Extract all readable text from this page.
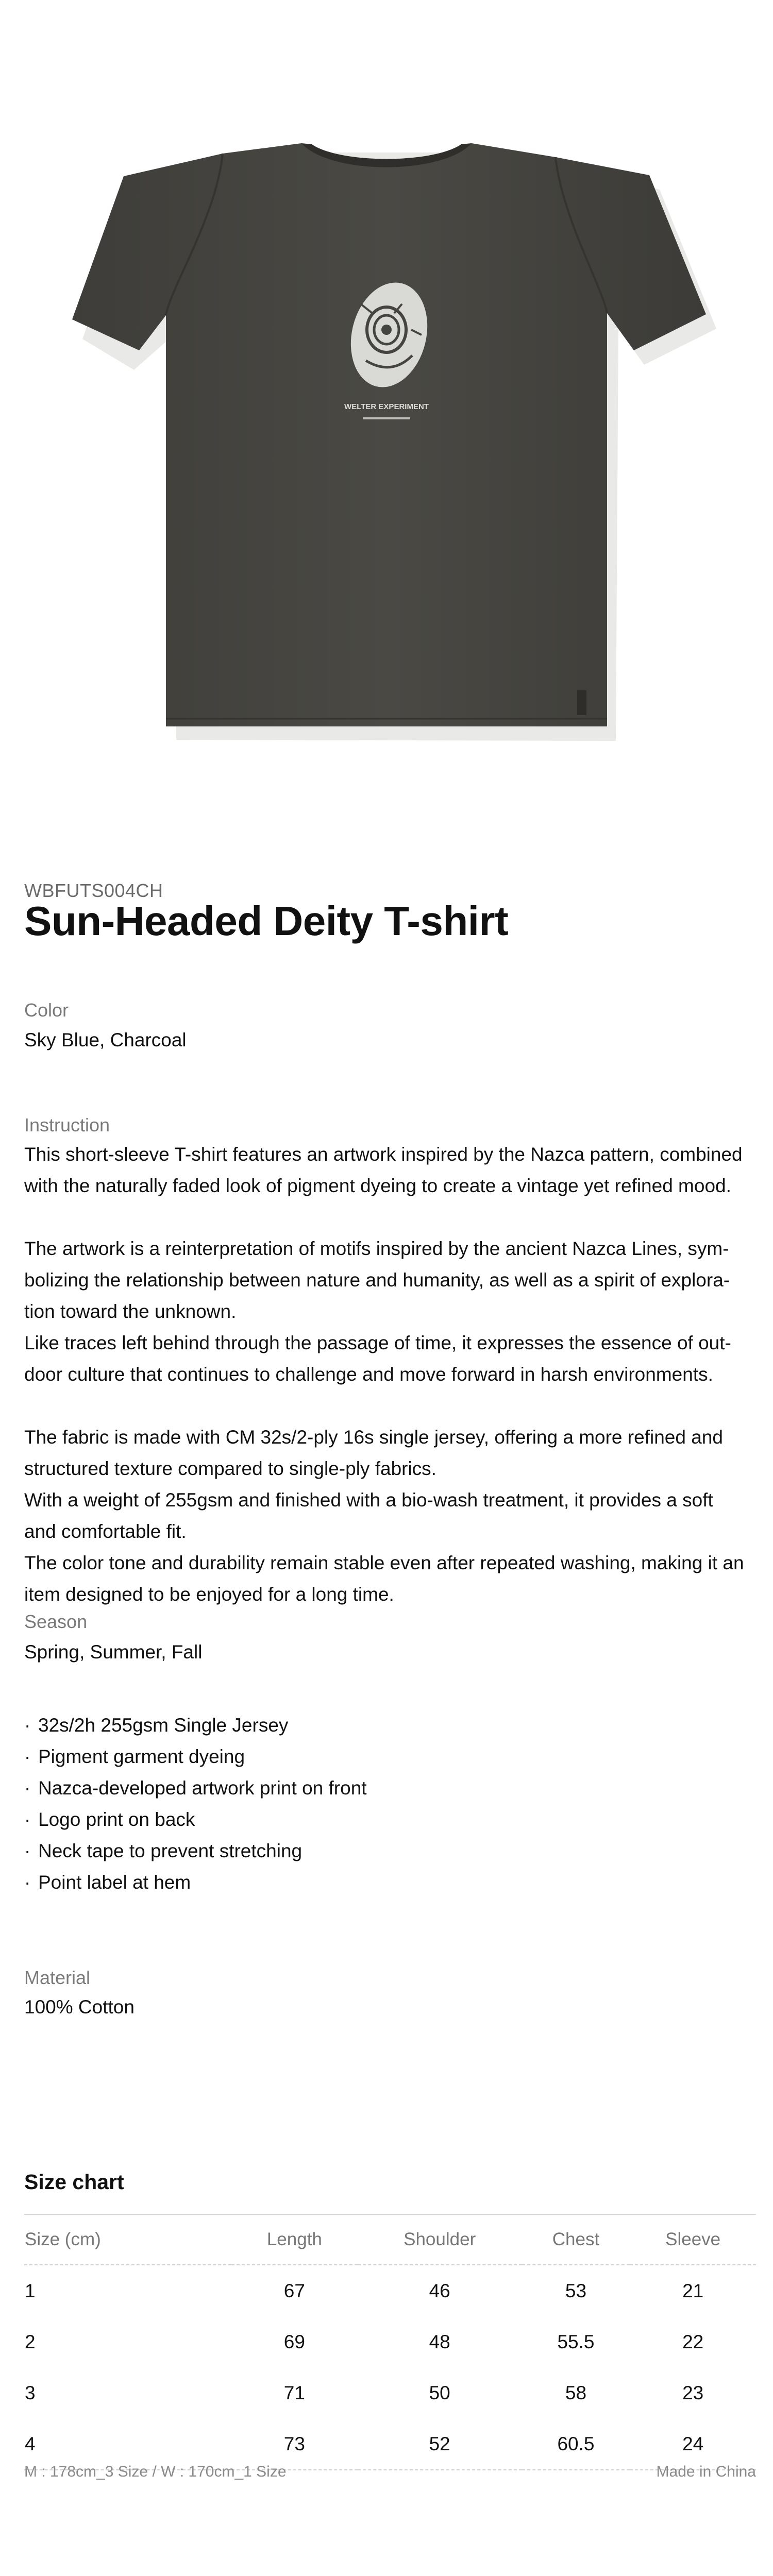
WELTER EXPERIMENT
WBFUTS004CH
Sun-Headed Deity T-shirt
Color
Sky Blue, Charcoal
Instruction

This short-sleeve T-shirt features an artwork inspired by the Nazca pattern, combined

with the naturally faded look of pigment dyeing to create a vintage yet refined mood.

The artwork is a reinterpretation of motifs inspired by the ancient Nazca Lines, sym-

bolizing the relationship between nature and humanity, as well as a spirit of explora-

tion toward the unknown.

Like traces left behind through the passage of time, it expresses the essence of out-

door culture that continues to challenge and move forward in harsh environments.

The fabric is made with CM 32s/2-ply 16s single jersey, offering a more refined and

structured texture compared to single-ply fabrics.

With a weight of 255gsm and finished with a bio-wash treatment, it provides a soft

and comfortable fit.

The color tone and durability remain stable even after repeated washing, making it an

item designed to be enjoyed for a long time.

Season
Spring, Summer, Fall
· 32s/2h 255gsm Single Jersey
· Pigment garment dyeing
· Nazca-developed artwork print on front
· Logo print on back
· Neck tape to prevent stretching
· Point label at hem
Material
100% Cotton
Size chart
Size (cm)	Length	Shoulder	Chest	Sleeve
1	67	46	53	21
2	69	48	55.5	22
3	71	50	58	23
4	73	52	60.5	24
M : 178cm_3 Size / W : 170cm_1 Size	Made in China
